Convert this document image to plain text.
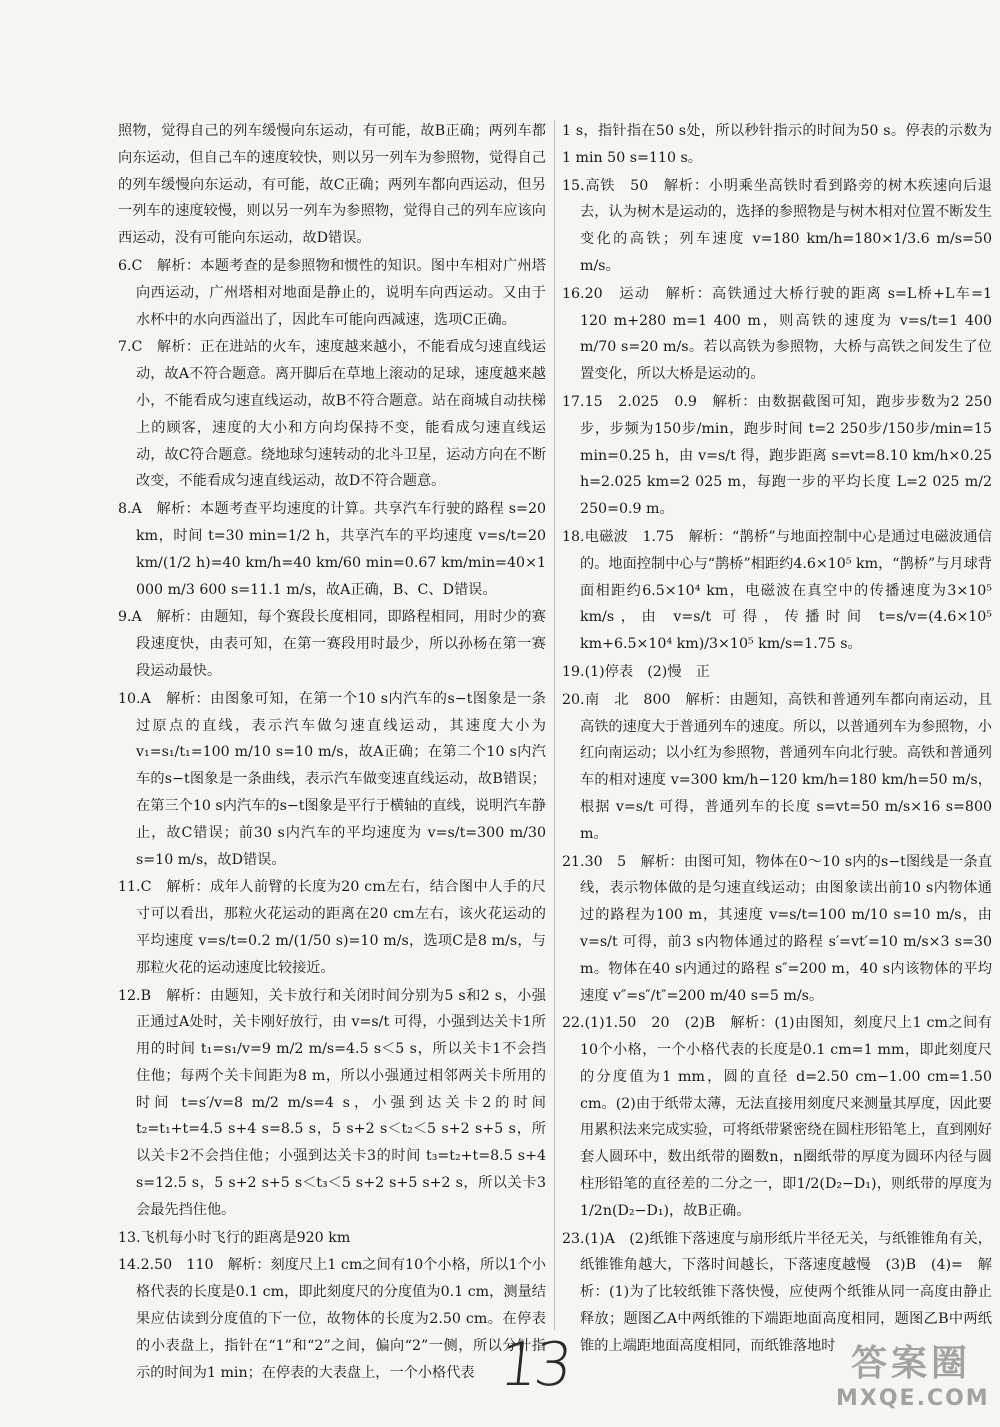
照物，觉得自己的列车缓慢向东运动，有可能，故B正确；两列车都向东运动，但自己车的速度较快，则以另一列车为参照物，觉得自己的列车缓慢向东运动，有可能，故C正确；两列车都向西运动，但另一列车的速度较慢，则以另一列车为参照物，觉得自己的列车应该向西运动，没有可能向东运动，故D错误。

6.C　解析：本题考查的是参照物和惯性的知识。图中车相对广州塔向西运动，广州塔相对地面是静止的，说明车向西运动。又由于水杯中的水向西溢出了，因此车可能向西减速，选项C正确。

7.C　解析：正在进站的火车，速度越来越小，不能看成匀速直线运动，故A不符合题意。离开脚后在草地上滚动的足球，速度越来越小，不能看成匀速直线运动，故B不符合题意。站在商城自动扶梯上的顾客，速度的大小和方向均保持不变，能看成匀速直线运动，故C符合题意。绕地球匀速转动的北斗卫星，运动方向在不断改变，不能看成匀速直线运动，故D不符合题意。

8.A　解析：本题考查平均速度的计算。共享汽车行驶的路程 s=20 km，时间 t=30 min=1/2 h，共享汽车的平均速度 v=s/t=20 km/(1/2 h)=40 km/h=40 km/60 min=0.67 km/min=40×1 000 m/3 600 s=11.1 m/s，故A正确，B、C、D错误。

9.A　解析：由题知，每个赛段长度相同，即路程相同，用时少的赛段速度快，由表可知，在第一赛段用时最少，所以孙杨在第一赛段运动最快。

10.A　解析：由图象可知，在第一个10 s内汽车的s−t图象是一条过原点的直线，表示汽车做匀速直线运动，其速度大小为 v₁=s₁/t₁=100 m/10 s=10 m/s，故A正确；在第二个10 s内汽车的s−t图象是一条曲线，表示汽车做变速直线运动，故B错误；在第三个10 s内汽车的s−t图象是平行于横轴的直线，说明汽车静止，故C错误；前30 s内汽车的平均速度为 v=s/t=300 m/30 s=10 m/s，故D错误。

11.C　解析：成年人前臂的长度为20 cm左右，结合图中人手的尺寸可以看出，那粒火花运动的距离在20 cm左右，该火花运动的平均速度 v=s/t=0.2 m/(1/50 s)=10 m/s，选项C是8 m/s，与那粒火花的运动速度比较接近。

12.B　解析：由题知，关卡放行和关闭时间分别为5 s和2 s，小强正通过A处时，关卡刚好放行，由 v=s/t 可得，小强到达关卡1所用的时间 t₁=s₁/v=9 m/2 m/s=4.5 s＜5 s，所以关卡1不会挡住他；每两个关卡间距为8 m，所以小强通过相邻两关卡所用的时间 t=s′/v=8 m/2 m/s=4 s，小强到达关卡2的时间 t₂=t₁+t=4.5 s+4 s=8.5 s，5 s+2 s＜t₂＜5 s+2 s+5 s，所以关卡2不会挡住他；小强到达关卡3的时间 t₃=t₂+t=8.5 s+4 s=12.5 s，5 s+2 s+5 s＜t₃＜5 s+2 s+5 s+2 s，所以关卡3会最先挡住他。

13.飞机每小时飞行的距离是920 km

14.2.50　110　解析：刻度尺上1 cm之间有10个小格，所以1个小格代表的长度是0.1 cm，即此刻度尺的分度值为0.1 cm，测量结果应估读到分度值的下一位，故物体的长度为2.50 cm。在停表的小表盘上，指针在“1”和“2”之间，偏向“2”一侧，所以分针指示的时间为1 min；在停表的大表盘上，一个小格代表

1 s，指针指在50 s处，所以秒针指示的时间为50 s。停表的示数为1 min 50 s=110 s。

15.高铁　50　解析：小明乘坐高铁时看到路旁的树木疾速向后退去，认为树木是运动的，选择的参照物是与树木相对位置不断发生变化的高铁；列车速度 v=180 km/h=180×1/3.6 m/s=50 m/s。

16.20　运动　解析：高铁通过大桥行驶的距离 s=L桥+L车=1 120 m+280 m=1 400 m，则高铁的速度为 v=s/t=1 400 m/70 s=20 m/s。若以高铁为参照物，大桥与高铁之间发生了位置变化，所以大桥是运动的。

17.15　2.025　0.9　解析：由数据截图可知，跑步步数为2 250步，步频为150步/min，跑步时间 t=2 250步/150步/min=15 min=0.25 h，由 v=s/t 得，跑步距离 s=vt=8.10 km/h×0.25 h=2.025 km=2 025 m，每跑一步的平均长度 L=2 025 m/2 250=0.9 m。

18.电磁波　1.75　解析：“鹊桥”与地面控制中心是通过电磁波通信的。地面控制中心与“鹊桥”相距约4.6×10⁵ km，“鹊桥”与月球背面相距约6.5×10⁴ km，电磁波在真空中的传播速度为3×10⁵ km/s，由 v=s/t 可得，传播时间 t=s/v=(4.6×10⁵ km+6.5×10⁴ km)/3×10⁵ km/s=1.75 s。

19.(1)停表　(2)慢　正

20.南　北　800　解析：由题知，高铁和普通列车都向南运动，且高铁的速度大于普通列车的速度。所以，以普通列车为参照物，小红向南运动；以小红为参照物，普通列车向北行驶。高铁和普通列车的相对速度 v=300 km/h−120 km/h=180 km/h=50 m/s，根据 v=s/t 可得，普通列车的长度 s=vt=50 m/s×16 s=800 m。

21.30　5　解析：由图可知，物体在0～10 s内的s−t图线是一条直线，表示物体做的是匀速直线运动；由图象读出前10 s内物体通过的路程为100 m，其速度 v=s/t=100 m/10 s=10 m/s，由 v=s/t 可得，前3 s内物体通过的路程 s′=vt′=10 m/s×3 s=30 m。物体在40 s内通过的路程 s″=200 m，40 s内该物体的平均速度 v″=s″/t″=200 m/40 s=5 m/s。

22.(1)1.50　20　(2)B　解析：(1)由图知，刻度尺上1 cm之间有10个小格，一个小格代表的长度是0.1 cm=1 mm，即此刻度尺的分度值为1 mm，圆的直径 d=2.50 cm−1.00 cm=1.50 cm。(2)由于纸带太薄，无法直接用刻度尺来测量其厚度，因此要用累积法来完成实验，可将纸带紧密绕在圆柱形铅笔上，直到刚好套人圆环中，数出纸带的圈数n，n圈纸带的厚度为圆环内径与圆柱形铅笔的直径差的二分之一，即1/2(D₂−D₁)，则纸带的厚度为1/2n(D₂−D₁)，故B正确。

23.(1)A　(2)纸锥下落速度与扇形纸片半径无关，与纸锥锥角有关，纸锥锥角越大，下落时间越长，下落速度越慢　(3)B　(4)=　解析：(1)为了比较纸锥下落快慢，应使两个纸锥从同一高度由静止释放；题图乙A中两纸锥的下端距地面高度相同，题图乙B中两纸锥的上端距地面高度相同，而纸锥落地时

13	答案圈
MXQE.COM
